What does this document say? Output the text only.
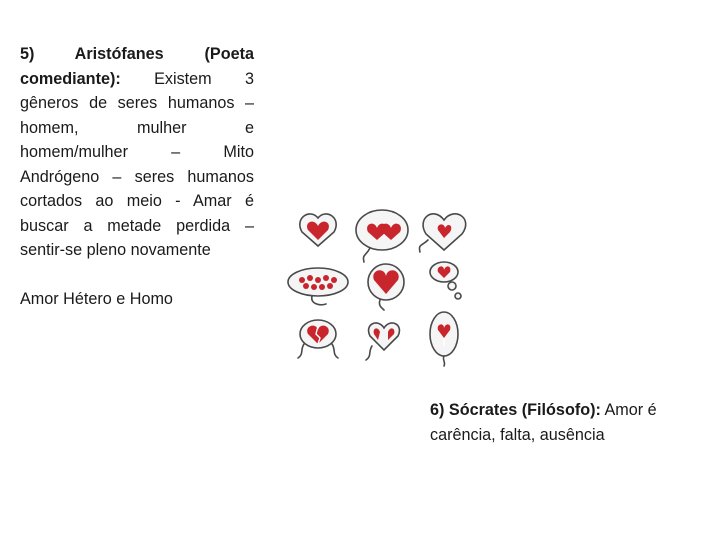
5) Aristófanes (Poeta comediante): Existem 3 gêneros de seres humanos – homem, mulher e homem/mulher – Mito Andrógeno – seres humanos cortados ao meio - Amar é buscar a metade perdida – sentir-se pleno novamente

Amor Hétero e Homo

6) Sócrates (Filósofo): Amor é carência, falta, ausência
